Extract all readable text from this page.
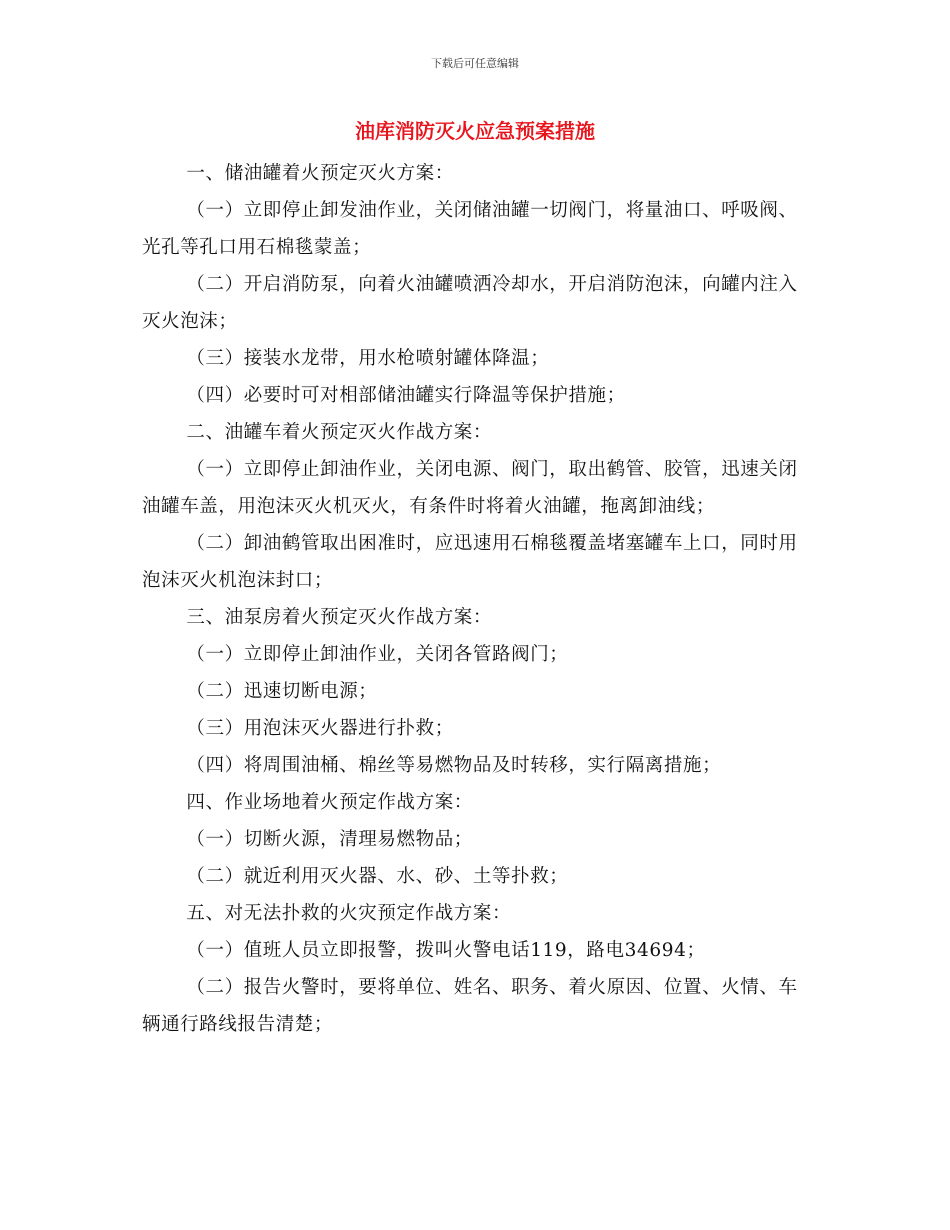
下载后可任意编辑
油库消防灭火应急预案措施

一、储油罐着火预定灭火方案：

（一）立即停止卸发油作业，关闭储油罐一切阀门，将量油口、呼吸阀、光孔等孔口用石棉毯蒙盖；

（二）开启消防泵，向着火油罐喷洒冷却水，开启消防泡沫，向罐内注入灭火泡沫；

（三）接装水龙带，用水枪喷射罐体降温；

（四）必要时可对相部储油罐实行降温等保护措施；

二、油罐车着火预定灭火作战方案：

（一）立即停止卸油作业，关闭电源、阀门，取出鹤管、胶管，迅速关闭油罐车盖，用泡沫灭火机灭火，有条件时将着火油罐，拖离卸油线；

（二）卸油鹤管取出困准时，应迅速用石棉毯覆盖堵塞罐车上口，同时用泡沫灭火机泡沫封口；

三、油泵房着火预定灭火作战方案：

（一）立即停止卸油作业，关闭各管路阀门；

（二）迅速切断电源；

（三）用泡沫灭火器进行扑救；

（四）将周围油桶、棉丝等易燃物品及时转移，实行隔离措施；

四、作业场地着火预定作战方案：

（一）切断火源，清理易燃物品；

（二）就近利用灭火器、水、砂、土等扑救；

五、对无法扑救的火灾预定作战方案：

（一）值班人员立即报警，拨叫火警电话119，路电34694；

（二）报告火警时，要将单位、姓名、职务、着火原因、位置、火情、车辆通行路线报告清楚；
